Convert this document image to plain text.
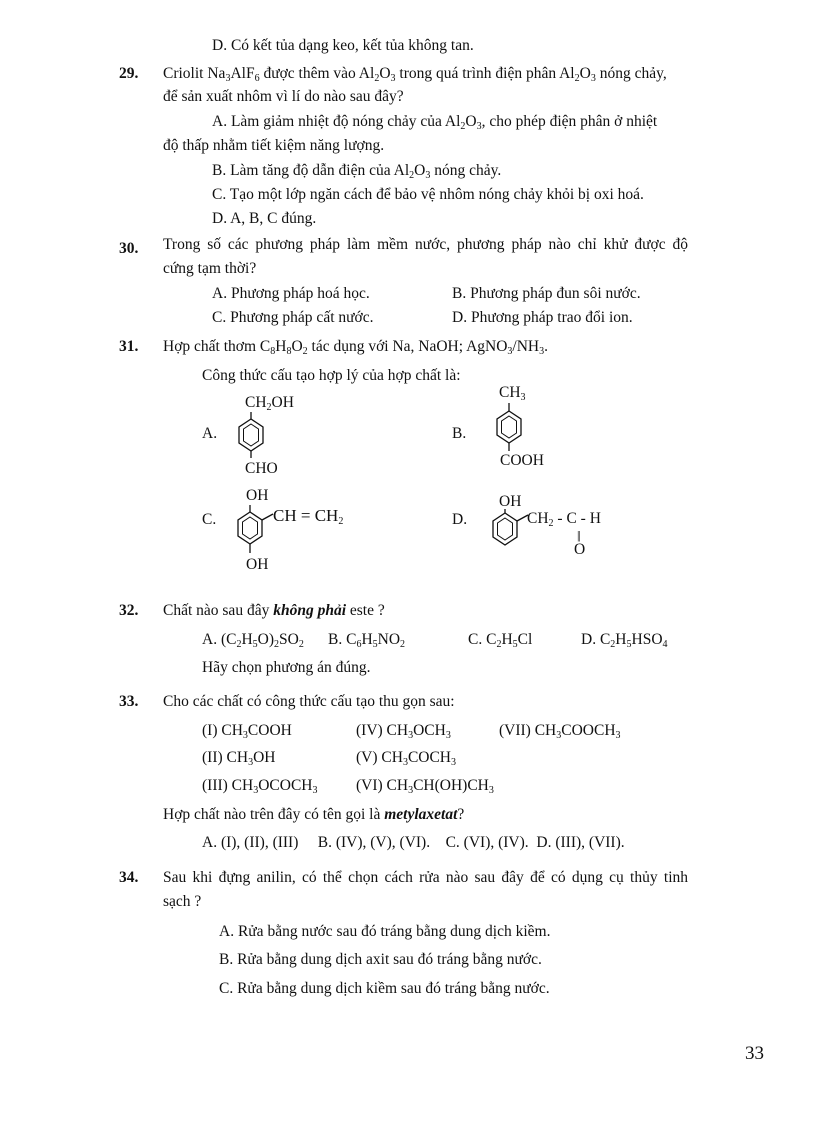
D. Có kết tủa dạng keo, kết tủa không tan.
29. Criolit $Na_3AlF_6$ được thêm vào $Al_2O_3$ trong quá trình điện phân $Al_2O_3$ nóng chảy,
để sản xuất nhôm vì lí do nào sau đây?
A. Làm giảm nhiệt độ nóng chảy của $Al_2O_3$, cho phép điện phân ở nhiệt
độ thấp nhằm tiết kiệm năng lượng.
B. Làm tăng độ dẫn điện của $Al_2O_3$ nóng chảy.
C. Tạo một lớp ngăn cách để bảo vệ nhôm nóng chảy khỏi bị oxi hoá.
D. A, B, C đúng.
30. Trong số các phương pháp làm mềm nước, phương pháp nào chỉ khử được độ
cứng tạm thời?
A. Phương pháp hoá học.	B. Phương pháp đun sôi nước.
C. Phương pháp cất nước.	D. Phương pháp trao đổi ion.
31. Hợp chất thơm $C_8H_8O_2$ tác dụng với Na, NaOH; $AgNO_3/NH_3$.
Công thức cấu tạo hợp lý của hợp chất là:
A.
$CH_2OH$
CHO
B.
$CH_3$
COOH
C.
OH
CH = $CH_2$
OH
D.
OH
$CH_2$ - C - H
||
O
32. Chất nào sau đây không phải este ?
A. $(C_2H_5O)_2SO_2$ B. $C_6H_5NO_2$	C. $C_2H_5Cl$	D. $C_2H_5HSO_4$
Hãy chọn phương án đúng.
33. Cho các chất có công thức cấu tạo thu gọn sau:
(I) $CH_3COOH$	(IV) $CH_3OCH_3$	(VII) $CH_3COOCH_3$
(II) $CH_3OH$	(V) $CH_3COCH_3$
(III) $CH_3OCOCH_3$ (VI) $CH_3CH(OH)CH_3$
Hợp chất nào trên đây có tên gọi là metylaxetat?
A. (I), (II), (III)     B. (IV), (V), (VI).    C. (VI), (IV).  D. (III), (VII).
34. Sau khi đựng anilin, có thể chọn cách rửa nào sau đây để có dụng cụ thủy tinh
sạch ?
A. Rửa bằng nước sau đó tráng bằng dung dịch kiềm.
B. Rửa bằng dung dịch axit sau đó tráng bằng nước.
C. Rửa bằng dung dịch kiềm sau đó tráng bằng nước.
33
